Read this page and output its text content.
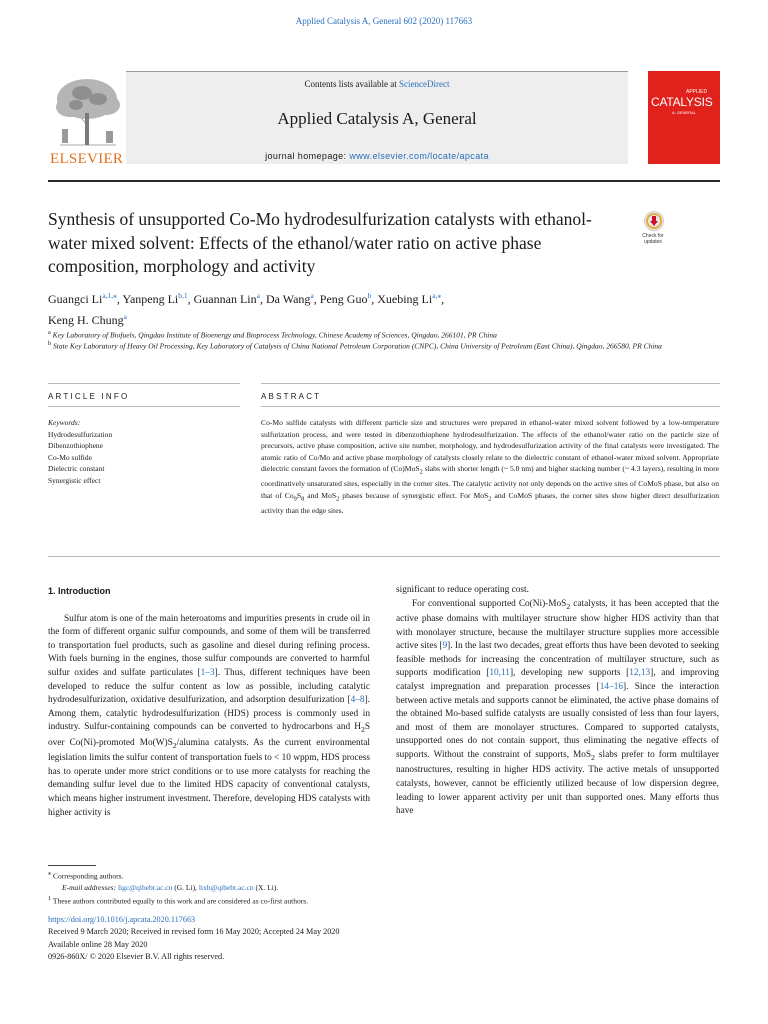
Applied Catalysis A, General 602 (2020) 117663
ELSEVIER
Contents lists available at ScienceDirect
Applied Catalysis A, General
journal homepage: www.elsevier.com/locate/apcata
APPLIED
CATALYSIS
A: GENERAL
Synthesis of unsupported Co-Mo hydrodesulfurization catalysts with ethanol-water mixed solvent: Effects of the ethanol/water ratio on active phase composition, morphology and activity
Check for
updates
Guangci $Li^{a,1,⁎}$, Yanpeng Li$^{b,1}$, Guannan Lin$^a$, Da Wang$^a$, Peng Guo$^b$, Xuebing $Li^{a,⁎}$,
Keng H. Chung$^a$
$^a$ Key Laboratory of Biofuels, Qingdao Institute of Bioenergy and Bioprocess Technology, Chinese Academy of Sciences, Qingdao, 266101, PR China
$^b$ State Key Laboratory of Heavy Oil Processing, Key Laboratory of Catalysis of China National Petroleum Corporation (CNPC), China University of Petroleum (East China), Qingdao, 266580, PR China
ARTICLE INFO	ABSTRACT
Keywords:
Hydrodesulfurization
Dibenzothiophene
Co-Mo sulfide
Dielectric constant
Synergistic effect

Co-Mo sulfide catalysts with different particle size and structures were prepared in ethanol-water mixed solvent followed by a low-temperature sulfurization process, and were tested in dibenzothiophene hydrodesulfurization. The effects of the ethanol/water ratio on the particle size of precursors, active phase composition, active site number, morphology, and hydrodesulfurization activity of the final catalysts were investigated. The atomic ratio of Co/Mo and active phase morphology of catalysts closely relate to the dielectric constant of ethanol-water mixed solvent. Appropriate dielectric constant favors the formation of (Co)MoS$_2$ slabs with shorter length (~ 5.0 nm) and higher stacking number (~ 4.3 layers), resulting in more coordinatively unsaturated sites, especially in the corner sites. The catalytic activity not only depends on the active sites of CoMoS phase, but also on that of $Co_9S_8$ and MoS$_2$ phases because of synergistic effect. For MoS$_2$ and CoMoS phases, the corner sites show higher direct desulfurization activity than the edge sites.

1. Introduction

Sulfur atom is one of the main heteroatoms and impurities presents in crude oil in the form of different organic sulfur compounds, and some of them will be transferred to transportation fuel products, such as gasoline and diesel during refining process. With fuels burning in the engines, those sulfur compounds are converted to harmful sulfur oxides and sulfate particulates [1–3]. Thus, different techniques have been developed to reduce the sulfur content as low as possible, including catalytic hydrodesulfurization, oxidative desulfurization, and adsorption desulfurization [4–8]. Among them, catalytic hydrodesulfurization (HDS) process is commonly used in industry. Sulfur-containing compounds can be converted to hydrocarbons and $H_2S$ over Co(Ni)-promoted $Mo(W)S_2$/alumina catalysts. As the current environmental legislation limits the sulfur content of transportation fuels to < 10 wppm, HDS process has to operate under more strict conditions or to use more catalysts for reaching the demanding sulfur level due to the limited HDS capacity of conventional catalysts, which means higher instrument investment. Therefore, developing HDS catalysts with higher activity is

significant to reduce operating cost.

For conventional supported Co(Ni)-MoS$_2$ catalysts, it has been accepted that the active phase domains with multilayer structure show higher HDS activity than that with monolayer structure, because the multilayer structure supplies more accessible active sites [9]. In the last two decades, great efforts thus have been devoted to seeking feasible methods for increasing the concentration of multilayer structure, such as supports modification [10,11], developing new supports [12,13], and improving catalyst impregnation and preparation processes [14–16]. Since the interaction between active metals and supports cannot be eliminated, the active phase domains of the obtained Mo-based sulfide catalysts are usually consisted of less than four layers, and most of them are monolayer structures. Compared to supported catalysts, unsupported ones do not contain support, thus eliminating the negative effects of supports. Without the constraint of supports, MoS$_2$ slabs prefer to form multilayer nanostructures, resulting in higher HDS activity. The active metals of unsupported catalysts, however, cannot be efficiently utilized because of low dispersion degree, leading to lower apparent activity per unit than supported ones. Many efforts thus have

⁎ Corresponding authors.
E-mail addresses: ligc@qibebt.ac.cn (G. Li), lixb@qibebt.ac.cn (X. Li).
$^1$ These authors contributed equally to this work and are considered as co-first authors.
https://doi.org/10.1016/j.apcata.2020.117663
Received 9 March 2020; Received in revised form 16 May 2020; Accepted 24 May 2020
Available online 28 May 2020
0926-860X/ © 2020 Elsevier B.V. All rights reserved.
